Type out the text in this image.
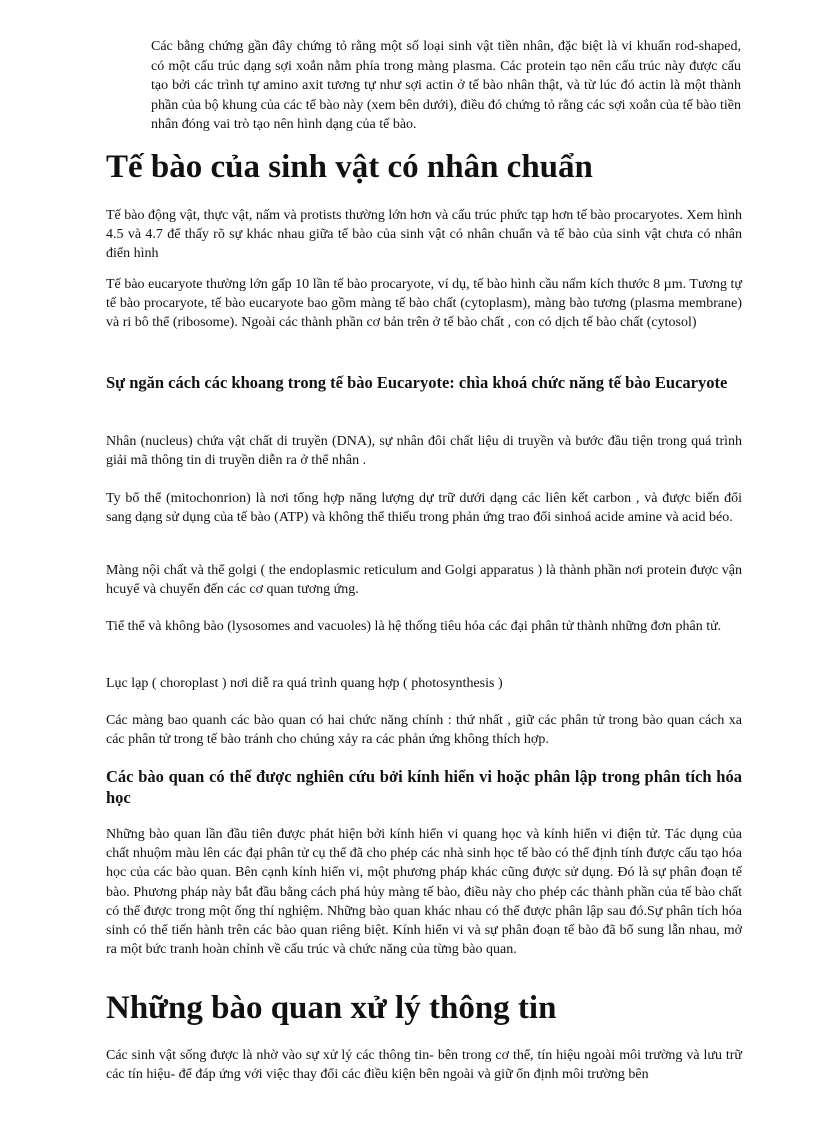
Các bằng chứng gần đây chứng tỏ rằng một số loại sinh vật tiền nhân, đặc biệt là vi khuẩn rod-shaped, có một cấu trúc dạng sợi xoắn nằm phía trong màng plasma. Các protein tạo nên cấu trúc này được cấu tạo bởi các trình tự amino axit tương tự như sợi actin ở tế bào nhân thật, và từ lúc đó actin là một thành phần của bộ khung của các tế bào này (xem bên dưới), điều đó chứng tỏ rằng các sợi xoắn của tế bào tiền nhân đóng vai trò tạo nên hình dạng của tế bào.

Tế bào của sinh vật có nhân chuẩn

Tế bào động vật, thực vật, nấm và protists thường lớn hơn và cấu trúc phức tạp hơn tế bào procaryotes. Xem hình 4.5 và 4.7 để thấy rõ sự khác nhau giữa tế bào của sinh vật có nhân chuẩn và tế bào của sinh vật chưa có nhân điển hình

Tế bào eucaryote thường lớn gấp 10 lần tế bào procaryote, ví dụ, tế bào hình cầu nấm kích thước 8 µm. Tương tự tế bào procaryote, tế bào eucaryote bao gồm màng tế bào chất (cytoplasm), màng bào tương (plasma membrane) và ri bô thể (ribosome). Ngoài các thành phần cơ bản trên ở tế bào chất , con có dịch tế bào chất (cytosol)

Sự ngăn cách các khoang trong tế bào Eucaryote: chìa khoá chức năng tế bào Eucaryote

Nhân (nucleus) chứa vật chất di truyền (DNA), sự nhân đôi chất liệu di truyền và bước đầu tiện trong quá trình giải mã thông tin di truyền diễn ra ở thể nhân .

Ty bổ thể (mitochonrion) là nơi tổng hợp năng lượng dự trữ dưới dạng các liên kết carbon , và được biến đổi sang dạng sử dụng của tế bào (ATP) và không thể thiếu trong phản ứng trao đổi sinhoá acide amine và acid béo.

Màng nội chất và thể golgi ( the endoplasmic reticulum and Golgi apparatus ) là thành phần nơi protein được vận hcuyể và chuyển đến các cơ quan tương ứng.

Tiể thể và không bào (lysosomes and vacuoles) là hệ thống tiêu hóa các đại phân tử thành những đơn phân tử.

Lục lạp ( choroplast ) nơi diễ ra quá trình quang hợp ( photosynthesis )

Các màng bao quanh các bào quan có hai chức năng chính : thứ nhất , giữ các phân tử trong bào quan cách xa các phân tử trong tế bào tránh cho chúng xảy ra các phản ứng không thích hợp.

Các bào quan có thể được nghiên cứu bởi kính hiển vi hoặc phân lập trong phân tích hóa học

Những bào quan lần đầu tiên được phát hiện bởi kính hiển vi quang học và kính hiển vi điện tử. Tác dụng của chất nhuộm màu lên các đại phân tử cụ thể đã cho phép các nhà sinh học tế bào có thể định tính được cấu tạo hóa học của các bào quan. Bên cạnh kính hiển vi, một phương pháp khác cũng được sử dụng. Đó là sự phân đoạn tế bào. Phương pháp này bắt đầu bằng cách phá hủy màng tế bào, điều này cho phép các thành phần của tế bào chất có thể được trong một ống thí nghiệm. Những bào quan khác nhau có thể được phân lập sau đó.Sự phân tích hóa sinh có thể tiến hành trên các bào quan riêng biệt. Kính hiển vi và sự phân đoạn tế bào đã bổ sung lẫn nhau, mở ra một bức tranh hoàn chỉnh về cấu trúc và chức năng của từng bào quan.

Những bào quan xử lý thông tin

Các sinh vật sống được là nhờ vào sự xử lý các thông tin- bên trong cơ thể, tín hiệu ngoài môi trường và lưu trữ các tín hiệu- để đáp ứng với việc thay đổi các điều kiện bên ngoài và giữ ổn định môi trường bên
